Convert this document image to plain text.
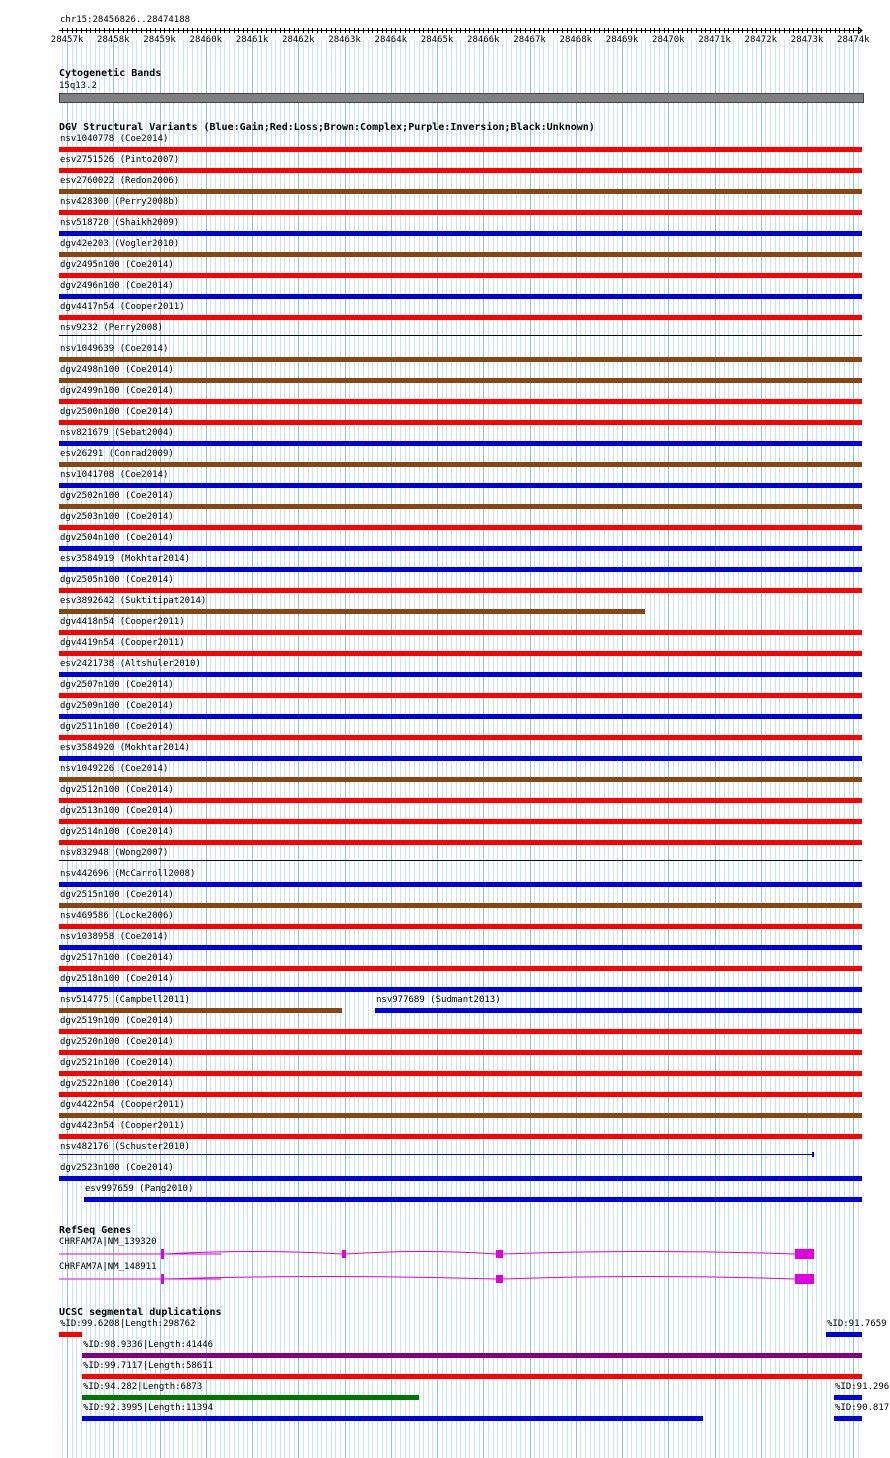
chr15:28456826..28474188
28457k 28458k 28459k 28460k 28461k 28462k 28463k 28464k 28465k 28466k 28467k 28468k 28469k 28470k 28471k 28472k 28473k 28474k
Cytogenetic Bands
15q13.2
DGV Structural Variants (Blue:Gain;Red:Loss;Brown:Complex;Purple:Inversion;Black:Unknown)
nsv1040778 (Coe2014)
esv2751526 (Pinto2007)
esv2760022 (Redon2006)
nsv428300 (Perry2008b)
nsv518720 (Shaikh2009)
dgv42e203 (Vogler2010)
dgv2495n100 (Coe2014)
dgv2496n100 (Coe2014)
dgv4417n54 (Cooper2011)
nsv9232 (Perry2008)
nsv1049639 (Coe2014)
dgv2498n100 (Coe2014)
dgv2499n100 (Coe2014)
dgv2500n100 (Coe2014)
nsv821679 (Sebat2004)
esv26291 (Conrad2009)
nsv1041708 (Coe2014)
dgv2502n100 (Coe2014)
dgv2503n100 (Coe2014)
dgv2504n100 (Coe2014)
esv3584919 (Mokhtar2014)
dgv2505n100 (Coe2014)
esv3892642 (Suktitipat2014)
dgv4418n54 (Cooper2011)
dgv4419n54 (Cooper2011)
esv2421738 (Altshuler2010)
dgv2507n100 (Coe2014)
dgv2509n100 (Coe2014)
dgv2511n100 (Coe2014)
esv3584920 (Mokhtar2014)
nsv1049226 (Coe2014)
dgv2512n100 (Coe2014)
dgv2513n100 (Coe2014)
dgv2514n100 (Coe2014)
nsv832948 (Wong2007)
nsv442696 (McCarroll2008)
dgv2515n100 (Coe2014)
nsv469586 (Locke2006)
nsv1038958 (Coe2014)
dgv2517n100 (Coe2014)
dgv2518n100 (Coe2014)
nsv514775 (Campbell2011)	nsv977689 (Sudmant2013)
dgv2519n100 (Coe2014)
dgv2520n100 (Coe2014)
dgv2521n100 (Coe2014)
dgv2522n100 (Coe2014)
dgv4422n54 (Cooper2011)
dgv4423n54 (Cooper2011)
nsv482176 (Schuster2010)
dgv2523n100 (Coe2014)
esv997659 (Pang2010)
RefSeq Genes
CHRFAM7A|NM_139320
CHRFAM7A|NM_148911
UCSC segmental duplications
%ID:99.6208|Length:298762	%ID:91.7659
%ID:98.9336|Length:41446
%ID:99.7117|Length:58611
%ID:94.282|Length:6873	%ID:91.296
%ID:92.3995|Length:11394	%ID:90.817
